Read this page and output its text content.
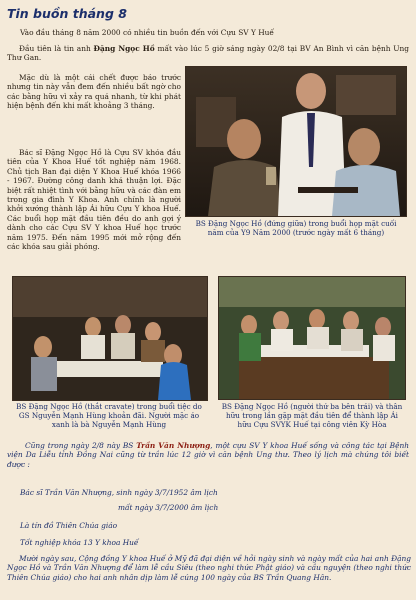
Tin buồn tháng 8

Vào đầu tháng 8 năm 2000 có nhiều tin buồn đến với Cựu SV Y Huế

Đầu tiên là tin anh Đặng Ngọc Hồ mất vào lúc 5 giờ sáng ngày 02/8 tại BV An Bình vì căn bệnh Ung Thư Gan.

Mặc dù là một cái chết được báo trước nhưng tin này vẫn đem đến nhiều bất ngờ cho các bằng hữu vì xảy ra quá nhanh, từ khi phát hiện bệnh đến khi mất khoảng 3 tháng.

Bác sĩ Đặng Ngọc Hồ là Cựu SV khóa đầu tiên của Y Khoa Huế tốt nghiệp năm 1968. Chủ tịch Ban đại diện Y Khoa Huế khóa 1966 - 1967. Đường công danh khá thuận lợi. Đặc biệt rất nhiệt tình với bằng hữu và các đàn em trong gia đình Y Khoa. Anh chính là người khởi xướng thành lập Ái hữu Cựu Y khoa Huế. Các buổi họp mặt đầu tiên đều do anh gợi ý dành cho các Cựu SV Y khoa Huế học trước năm 1975. Đến năm 1995 mới mở rộng đến các khóa sau giải phóng.

BS Đặng Ngọc Hồ (đứng giữa) trong buổi họp mặt cuối năm của Y9 Năm 2000 (trước ngày mất 6 tháng)
BS Đặng Ngọc Hồ (thắt cravate) trong buổi tiệc do GS Nguyễn Mạnh Hùng khoản đãi. Người mặc áo xanh là bà Nguyễn Mạnh Hùng
BS Đặng Ngọc Hồ (người thứ ba bên trái) và thân hữu trong lần gặp mặt đầu tiên để thành lập Ái hữu Cựu SVYK Huế tại công viên Kỳ Hòa

Cũng trong ngày 2/8 này BS Trần Văn Nhượng, một cựu SV Y khoa Huế sống và công tác tại Bệnh viện Da Liễu tỉnh Đồng Nai cũng từ trần lúc 12 giờ vì căn bệnh Ung thư. Theo lý lịch mà chúng tôi biết được :

Bác sĩ Trần Văn Nhượng, sinh ngày 3/7/1952 âm lịch

mất ngày 3/7/2000 âm lịch

Là tín đồ Thiên Chúa giáo

Tốt nghiệp khóa 13 Y khoa Huế

Mười ngày sau, Cộng đồng Y khoa Huế ở Mỹ đã đại diện về hỏi ngày sinh và ngày mất của hai anh Đặng Ngọc Hồ và Trần Văn Nhượng để làm lễ cầu Siêu (theo nghi thức Phật giáo) và cầu nguyện (theo nghi thức Thiên Chúa giáo) cho hai anh nhân dịp làm lễ cúng 100 ngày của BS Trần Quang Hân.
